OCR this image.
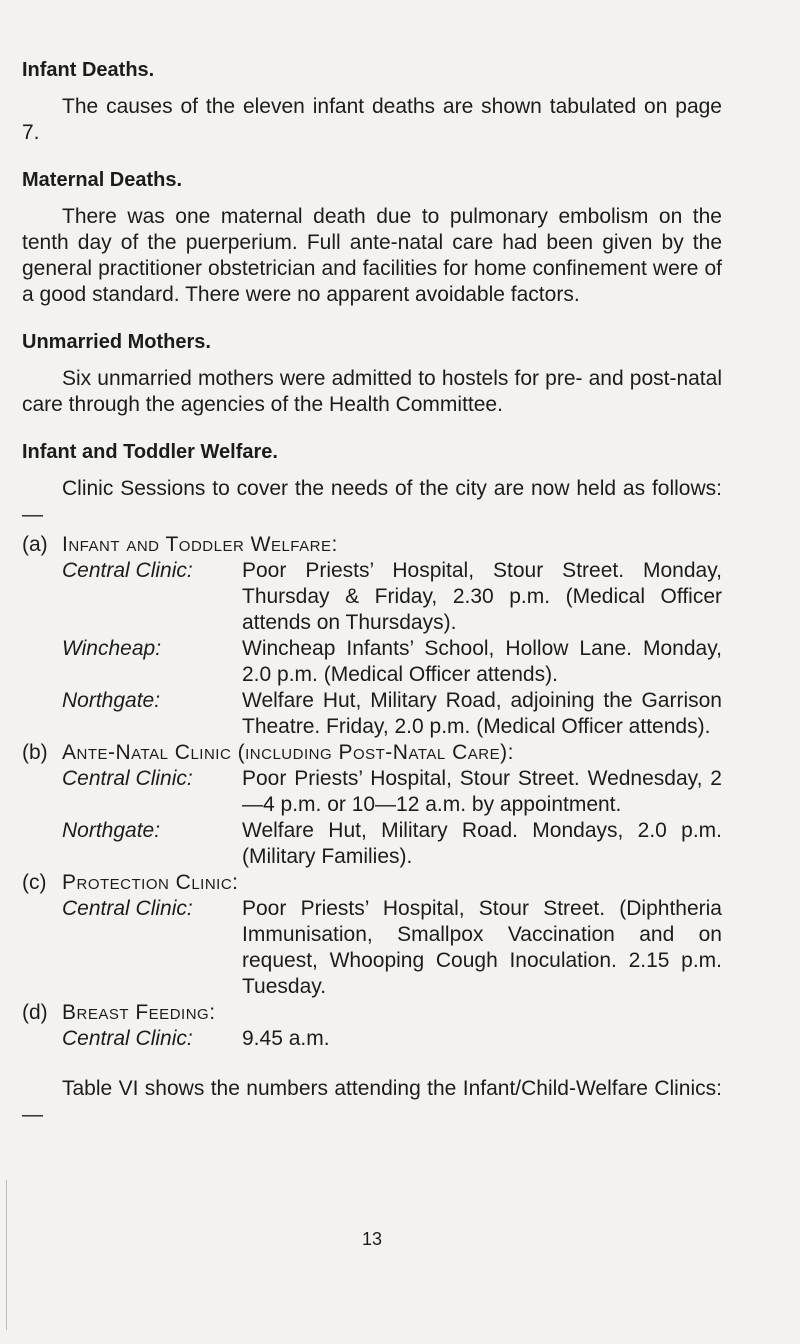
Infant Deaths.

The causes of the eleven infant deaths are shown tabulated on page 7.

Maternal Deaths.

There was one maternal death due to pulmonary embolism on the tenth day of the puerperium. Full ante-natal care had been given by the general practitioner obstetrician and facilities for home confinement were of a good standard. There were no apparent avoidable factors.

Unmarried Mothers.

Six unmarried mothers were admitted to hostels for pre- and post-natal care through the agencies of the Health Committee.

Infant and Toddler Welfare.

Clinic Sessions to cover the needs of the city are now held as follows: —

(a) Infant and Toddler Welfare:
Central Clinic:	Poor Priests’ Hospital, Stour Street. Monday, Thursday & Friday, 2.30 p.m. (Medical Officer attends on Thursdays).
Wincheap:	Wincheap Infants’ School, Hollow Lane. Monday, 2.0 p.m. (Medical Officer attends).
Northgate:	Welfare Hut, Military Road, adjoining the Garrison Theatre. Friday, 2.0 p.m. (Medical Officer attends).
(b) Ante-Natal Clinic (including Post-Natal Care):
Central Clinic:	Poor Priests’ Hospital, Stour Street. Wednesday, 2—4 p.m. or 10—12 a.m. by appointment.
Northgate:	Welfare Hut, Military Road. Mondays, 2.0 p.m. (Military Families).
(c) Protection Clinic:
Central Clinic:	Poor Priests’ Hospital, Stour Street. (Diphtheria Immunisation, Smallpox Vaccination and on request, Whooping Cough Inoculation. 2.15 p.m. Tuesday.
(d) Breast Feeding:
Central Clinic:	9.45 a.m.

Table VI shows the numbers attending the Infant/Child-Welfare Clinics: —

13
